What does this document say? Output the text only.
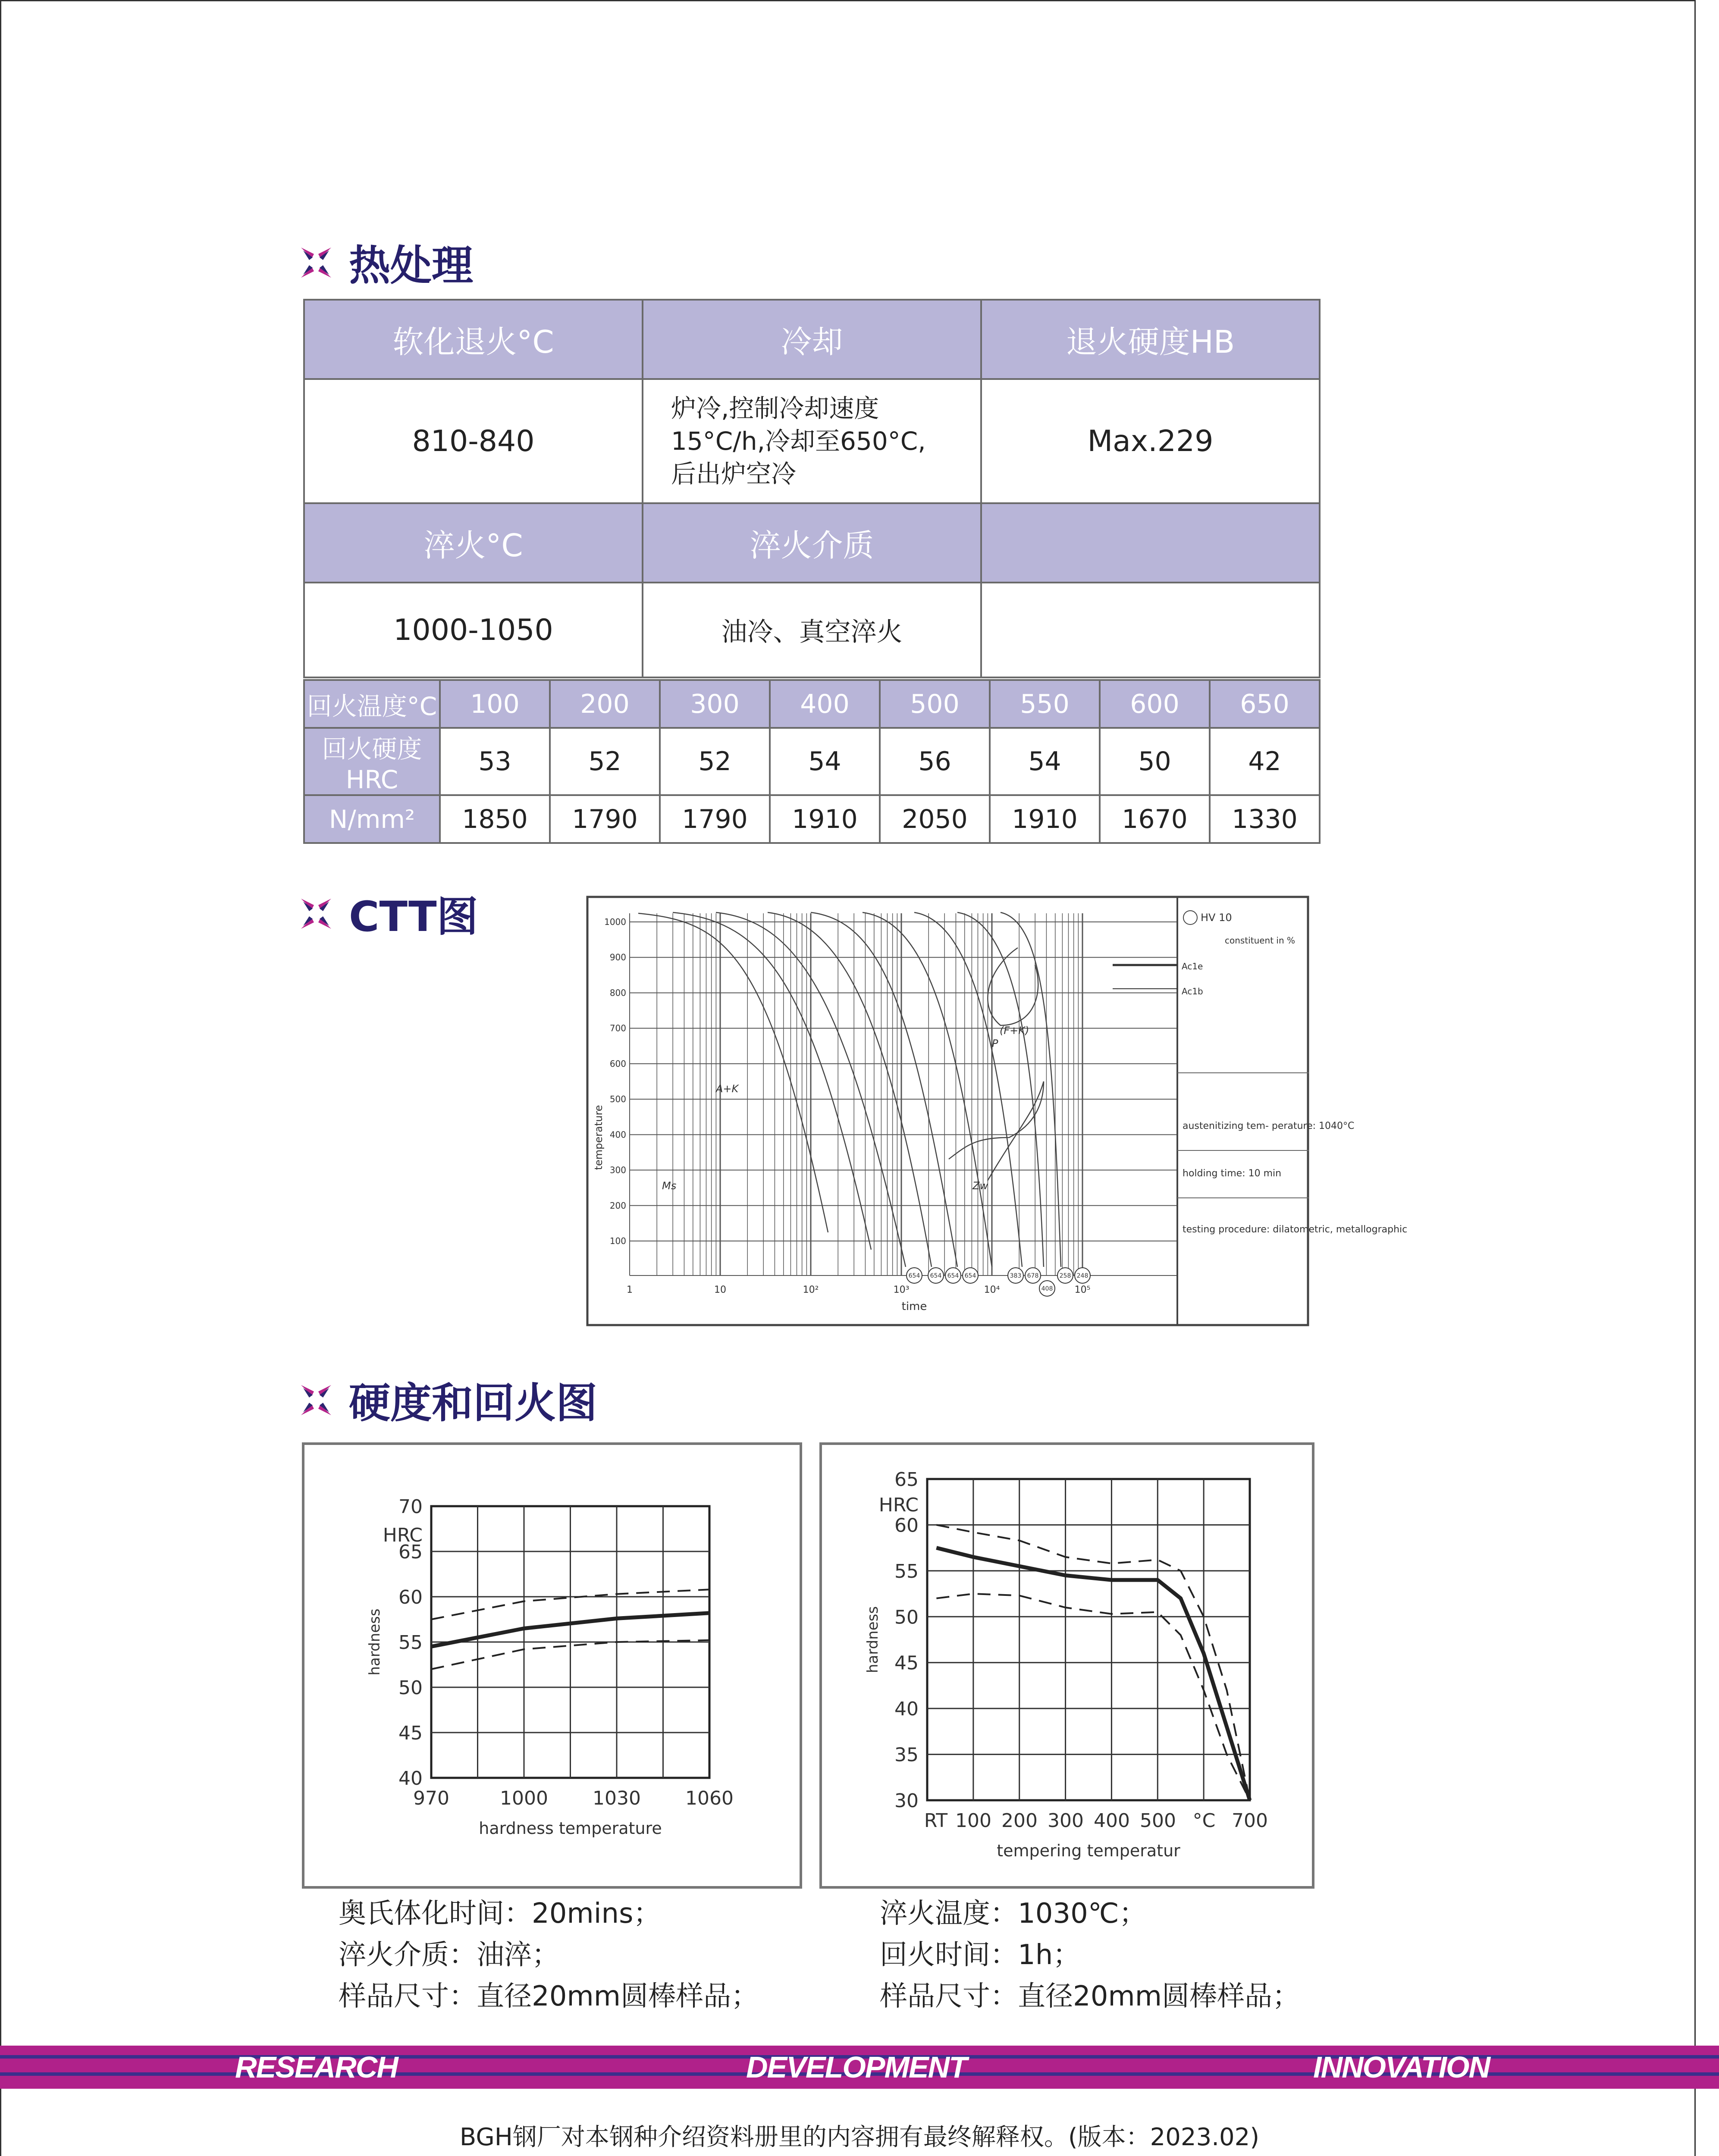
热处理
软化退火°C	冷却	退火硬度HB
810-840	炉冷,控制冷却速度
15°C/h,冷却至650°C,
后出炉空冷	Max.229
淬火°C	淬火介质	
1000-1050	油冷、真空淬火	
回火温度°C	100	200	300	400	500	550	600	650
回火硬度HRC	53	52	52	54	56	54	50	42
N/mm²	1850	1790	1790	1910	2050	1910	1670	1330
CTT图	1000
900
800
700
600
500
400
300
200
100
temperature
1	10	10²	10³	10⁴	10⁵
time
A+K
Ms
(F+K)
P
Zw
654 654 654 654	383 678
408
258 248
HV 10
constituent in %
Ac1e
Ac1b
austenitizing tem- perature: 1040°C
holding time: 10 min
testing procedure: dilatometric, metallographic
硬度和回火图
70
65
60
55
50
45
40
HRC
hardness
970	1000 1030 1060
hardness temperature
65
60
55
50
45
40
35
30
HRC
hardness
RT 100 200 300 400 500 °C 700
tempering temperatur
奥氏体化时间：20mins；
淬火介质：油淬；
样品尺寸：直径20mm圆棒样品；
淬火温度：1030℃；
回火时间：1h；
样品尺寸：直径20mm圆棒样品；
RESEARCH	DEVELOPMENT	INNOVATION
BGH钢厂对本钢种介绍资料册里的内容拥有最终解释权。(版本：2023.02)
